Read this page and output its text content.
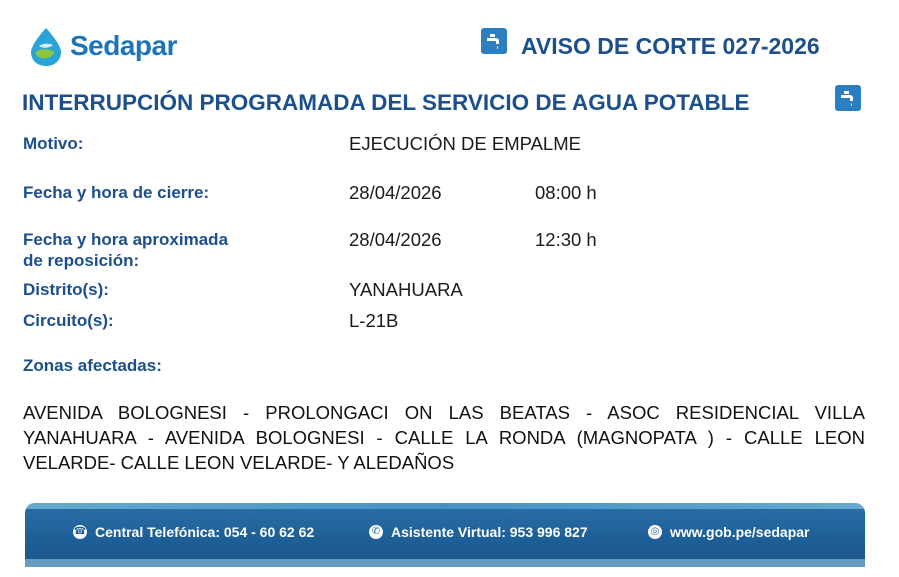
Sedapar	AVISO DE CORTE 027-2026
INTERRUPCIÓN PROGRAMADA DEL SERVICIO DE AGUA POTABLE
Motivo:	EJECUCIÓN DE EMPALME
Fecha y hora de cierre:	28/04/2026	08:00 h
Fecha y hora aproximada
de reposición:
28/04/2026	12:30 h
Distrito(s):	YANAHUARA
Circuito(s):	L-21B
Zonas afectadas:
AVENIDA BOLOGNESI - PROLONGACI ON LAS BEATAS - ASOC RESIDENCIAL VILLA YANAHUARA - AVENIDA BOLOGNESI - CALLE LA RONDA (MAGNOPATA ) - CALLE LEON VELARDE- CALLE LEON VELARDE- Y ALEDAÑOS
☎ Central Telefónica: 054 - 60 62 62	✆ Asistente Virtual: 953 996 827	◎ www.gob.pe/sedapar
